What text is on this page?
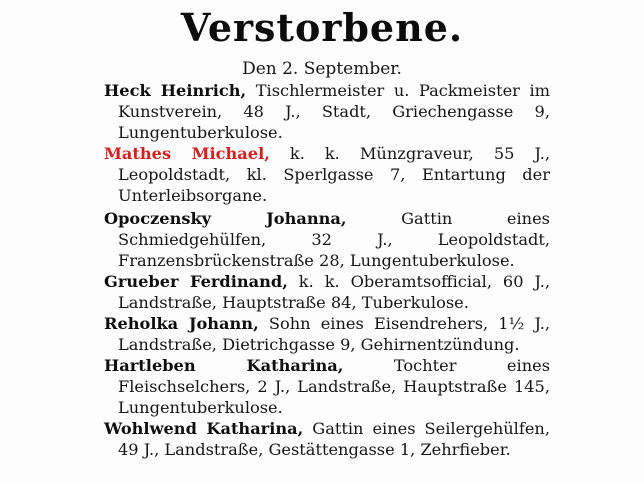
Verstorbene.
Den 2. September.

Heck Heinrich, Tischlermeister u. Packmeister im Kunstverein, 48 J., Stadt, Griechengasse 9, Lungentuberkulose.

Mathes Michael, k. k. Münzgraveur, 55 J., Leopoldstadt, kl. Sperlgasse 7, Entartung der Unterleibsorgane.

Opoczensky Johanna, Gattin eines Schmiedgehülfen, 32 J., Leopoldstadt, Franzensbrückenstraße 28, Lungentuberkulose.

Grueber Ferdinand, k. k. Oberamtsofficial, 60 J., Landstraße, Hauptstraße 84, Tuberkulose.

Reholka Johann, Sohn eines Eisendrehers, 1½ J., Landstraße, Dietrichgasse 9, Gehirnentzündung.

Hartleben Katharina, Tochter eines Fleischselchers, 2 J., Landstraße, Hauptstraße 145, Lungentuberkulose.

Wohlwend Katharina, Gattin eines Seilergehülfen, 49 J., Landstraße, Gestättengasse 1, Zehrfieber.
